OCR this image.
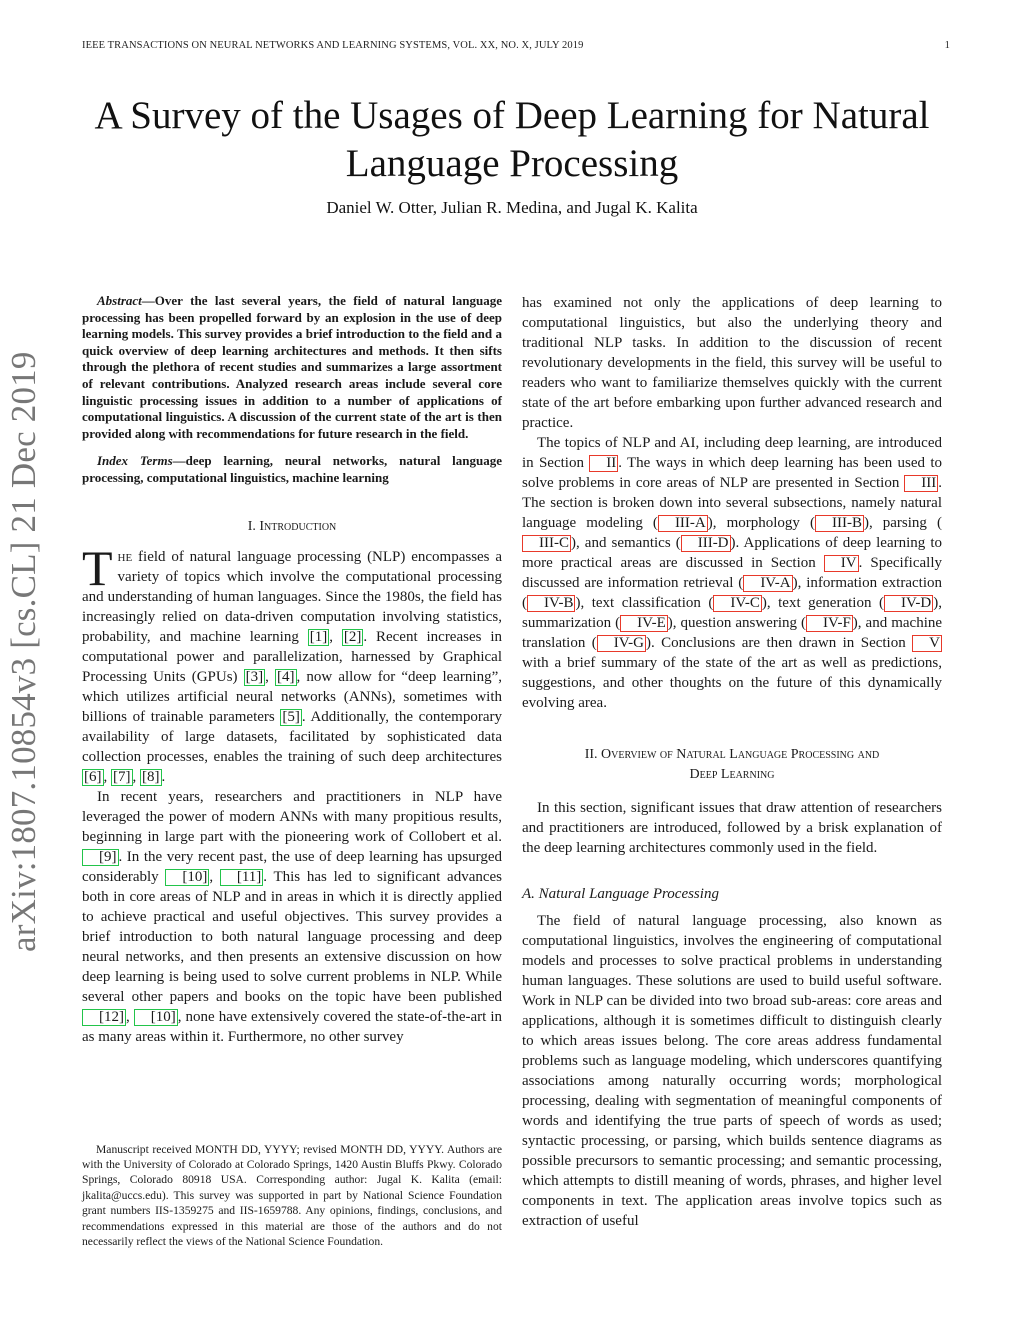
IEEE TRANSACTIONS ON NEURAL NETWORKS AND LEARNING SYSTEMS, VOL. XX, NO. X, JULY 2019	1
arXiv:1807.10854v3 [cs.CL] 21 Dec 2019
A Survey of the Usages of Deep Learning for Natural Language Processing
Daniel W. Otter, Julian R. Medina, and Jugal K. Kalita

Abstract—Over the last several years, the field of natural language processing has been propelled forward by an explosion in the use of deep learning models. This survey provides a brief introduction to the field and a quick overview of deep learning architectures and methods. It then sifts through the plethora of recent studies and summarizes a large assortment of relevant contributions. Analyzed research areas include several core linguistic processing issues in addition to a number of applications of computational linguistics. A discussion of the current state of the art is then provided along with recommendations for future research in the field.

Index Terms—deep learning, neural networks, natural language processing, computational linguistics, machine learning

I. Introduction

The field of natural language processing (NLP) encompasses a variety of topics which involve the computational processing and understanding of human languages. Since the 1980s, the field has increasingly relied on data-driven computation involving statistics, probability, and machine learning [1] , [2] . Recent increases in computational power and parallelization, harnessed by Graphical Processing Units (GPUs) [3] , [4] , now allow for “deep learning”, which utilizes artificial neural networks (ANNs), sometimes with billions of trainable parameters [5] . Additionally, the contemporary availability of large datasets, facilitated by sophisticated data collection processes, enables the training of such deep architectures [6] , [7] , [8] .

In recent years, researchers and practitioners in NLP have leveraged the power of modern ANNs with many propitious results, beginning in large part with the pioneering work of Collobert et al. [9] . In the very recent past, the use of deep learning has upsurged considerably [10] , [11] . This has led to significant advances both in core areas of NLP and in areas in which it is directly applied to achieve practical and useful objectives. This survey provides a brief introduction to both natural language processing and deep neural networks, and then presents an extensive discussion on how deep learning is being used to solve current problems in NLP. While several other papers and books on the topic have been published [12] , [10] , none have extensively covered the state-of-the-art in as many areas within it. Furthermore, no other survey

Manuscript received MONTH DD, YYYY; revised MONTH DD, YYYY. Authors are with the University of Colorado at Colorado Springs, 1420 Austin Bluffs Pkwy. Colorado Springs, Colorado 80918 USA. Corresponding author: Jugal K. Kalita (email: jkalita@uccs.edu). This survey was supported in part by National Science Foundation grant numbers IIS-1359275 and IIS-1659788. Any opinions, findings, conclusions, and recommendations expressed in this material are those of the authors and do not necessarily reflect the views of the National Science Foundation.

has examined not only the applications of deep learning to computational linguistics, but also the underlying theory and traditional NLP tasks. In addition to the discussion of recent revolutionary developments in the field, this survey will be useful to readers who want to familiarize themselves quickly with the current state of the art before embarking upon further advanced research and practice.

The topics of NLP and AI, including deep learning, are introduced in Section II . The ways in which deep learning has been used to solve problems in core areas of NLP are presented in Section III . The section is broken down into several subsections, namely natural language modeling ( III-A ), morphology ( III-B ), parsing (III-C ), and semantics ( III-D ). Applications of deep learning to more practical areas are discussed in Section IV . Specifically discussed are information retrieval ( IV-A ), information extraction ( IV-B ), text classification ( IV-C ), text generation ( IV-D ), summarization ( IV-E ), question answering ( IV-F ), and machine translation ( IV-G ). Conclusions are then drawn in Section V with a brief summary of the state of the art as well as predictions, suggestions, and other thoughts on the future of this dynamically evolving area.

II. Overview of Natural Language Processing and
Deep Learning

In this section, significant issues that draw attention of researchers and practitioners are introduced, followed by a brisk explanation of the deep learning architectures commonly used in the field.

A. Natural Language Processing

The field of natural language processing, also known as computational linguistics, involves the engineering of computational models and processes to solve practical problems in understanding human languages. These solutions are used to build useful software. Work in NLP can be divided into two broad sub-areas: core areas and applications, although it is sometimes difficult to distinguish clearly to which areas issues belong. The core areas address fundamental problems such as language modeling, which underscores quantifying associations among naturally occurring words; morphological processing, dealing with segmentation of meaningful components of words and identifying the true parts of speech of words as used; syntactic processing, or parsing, which builds sentence diagrams as possible precursors to semantic processing; and semantic processing, which attempts to distill meaning of words, phrases, and higher level components in text. The application areas involve topics such as extraction of useful
